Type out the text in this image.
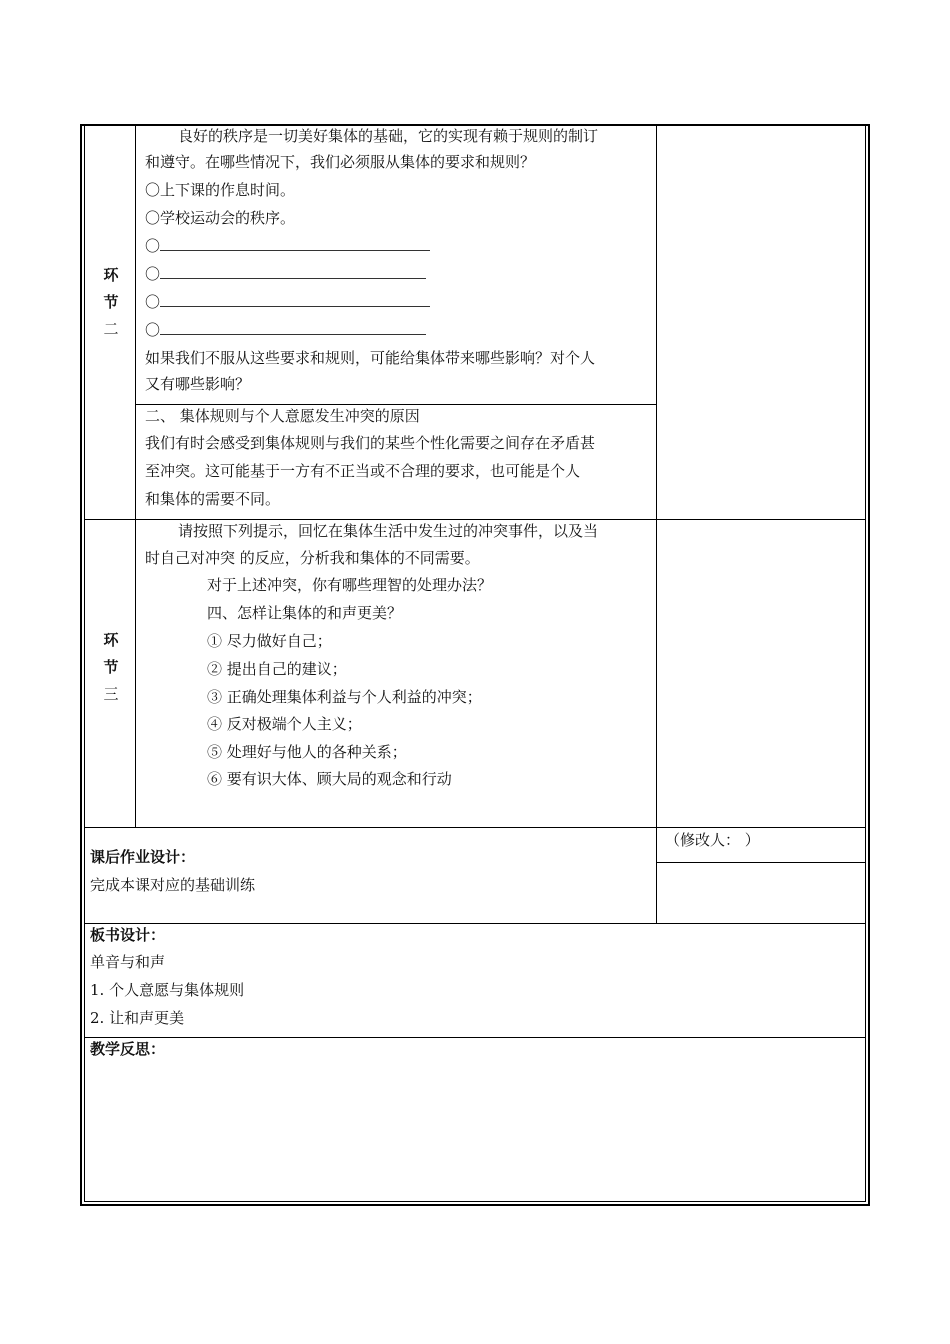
环
节
二
良好的秩序是一切美好集体的基础，它的实现有赖于规则的制订
和遵守。在哪些情况下，我们必须服从集体的要求和规则？
〇上下课的作息时间。
〇学校运动会的秩序。
〇
〇
〇
〇
如果我们不服从这些要求和规则，可能给集体带来哪些影响？对个人
又有哪些影响？
二、 集体规则与个人意愿发生冲突的原因
我们有时会感受到集体规则与我们的某些个性化需要之间存在矛盾甚
至冲突。这可能基于一方有不正当或不合理的要求，也可能是个人
和集体的需要不同。
环
节
三
请按照下列提示，回忆在集体生活中发生过的冲突事件，以及当
时自己对冲突 的反应，分析我和集体的不同需要。
对于上述冲突，你有哪些理智的处理办法？
四、怎样让集体的和声更美？
① 尽力做好自己；
② 提出自己的建议；
③ 正确处理集体利益与个人利益的冲突；
④ 反对极端个人主义；
⑤ 处理好与他人的各种关系；
⑥ 要有识大体、顾大局的观念和行动
课后作业设计：
完成本课对应的基础训练
（修改人： ）
板书设计：
单音与和声
1. 个人意愿与集体规则
2. 让和声更美
教学反思：
